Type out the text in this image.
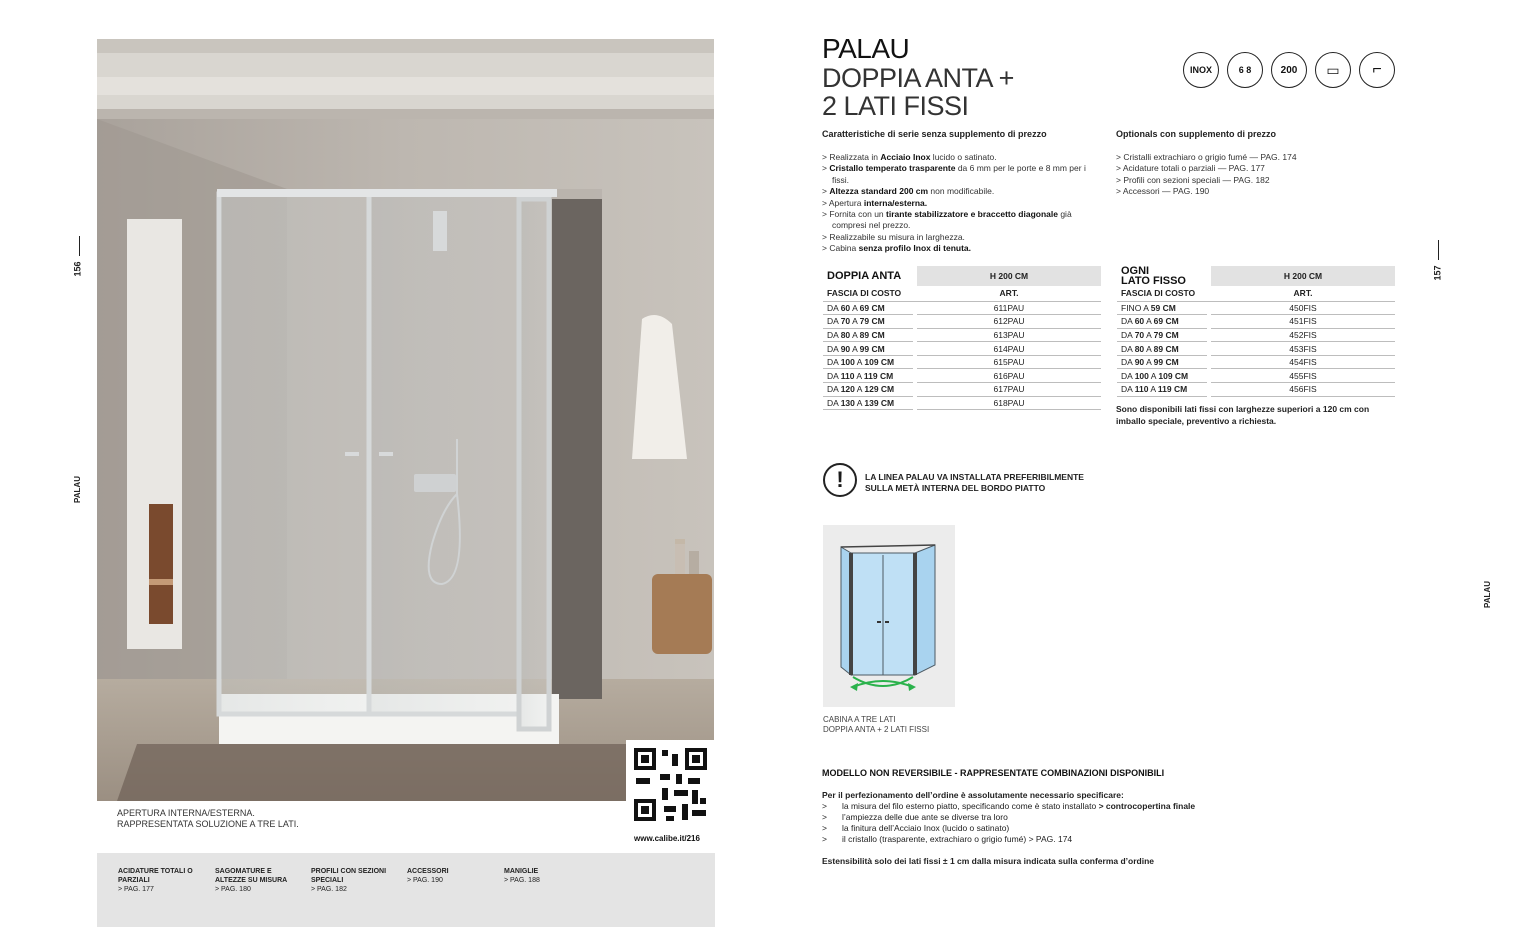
156
PALAU
www.calibe.it/216
APERTURA INTERNA/ESTERNA.
RAPPRESENTATA SOLUZIONE A TRE LATI.
ACIDATURE TOTALI O PARZIALI
> PAG. 177
SAGOMATURE E ALTEZZE SU MISURA
> PAG. 180
PROFILI CON SEZIONI SPECIALI
> PAG. 182
ACCESSORI
> PAG. 190
MANIGLIE
> PAG. 188
157
PALAU
PALAU
DOPPIA ANTA +
2 LATI FISSI
INOX	6 8	200	▭	⌐
Caratteristiche di serie senza supplemento di prezzo
> Realizzata in Acciaio Inox lucido o satinato.
> Cristallo temperato trasparente da 6 mm per le porte e 8 mm per i fissi.
> Altezza standard 200 cm non modificabile.
> Apertura interna/esterna.
> Fornita con un tirante stabilizzatore e braccetto diagonale già compresi nel prezzo.
> Realizzabile su misura in larghezza.
> Cabina senza profilo Inox di tenuta.
Optionals con supplemento di prezzo
> Cristalli extrachiaro o grigio fumé — PAG. 174
> Acidature totali o parziali — PAG. 177
> Profili con sezioni speciali — PAG. 182
> Accessori — PAG. 190
DOPPIA ANTA		H 200 CM
FASCIA DI COSTO		ART.
DA 60 A 69 CM		611PAU
DA 70 A 79 CM		612PAU
DA 80 A 89 CM		613PAU
DA 90 A 99 CM		614PAU
DA 100 A 109 CM		615PAU
DA 110 A 119 CM		616PAU
DA 120 A 129 CM		617PAU
DA 130 A 139 CM		618PAU
OGNI
LATO FISSO		H 200 CM
FASCIA DI COSTO		ART.
FINO A 59 CM		450FIS
DA 60 A 69 CM		451FIS
DA 70 A 79 CM		452FIS
DA 80 A 89 CM		453FIS
DA 90 A 99 CM		454FIS
DA 100 A 109 CM		455FIS
DA 110 A 119 CM		456FIS
Sono disponibili lati fissi con larghezze superiori a 120 cm con imballo speciale, preventivo a richiesta.
!	LA LINEA PALAU VA INSTALLATA PREFERIBILMENTE
SULLA METÀ INTERNA DEL BORDO PIATTO
CABINA A TRE LATI
DOPPIA ANTA + 2 LATI FISSI
MODELLO NON REVERSIBILE - RAPPRESENTATE COMBINAZIONI DISPONIBILI
Per il perfezionamento dell’ordine è assolutamente necessario specificare:
>	la misura del filo esterno piatto, specificando come è stato installato > controcopertina finale
>	l’ampiezza delle due ante se diverse tra loro
>	la finitura dell’Acciaio Inox (lucido o satinato)
>	il cristallo (trasparente, extrachiaro o grigio fumé) > PAG. 174
Estensibilità solo dei lati fissi ± 1 cm dalla misura indicata sulla conferma d’ordine
